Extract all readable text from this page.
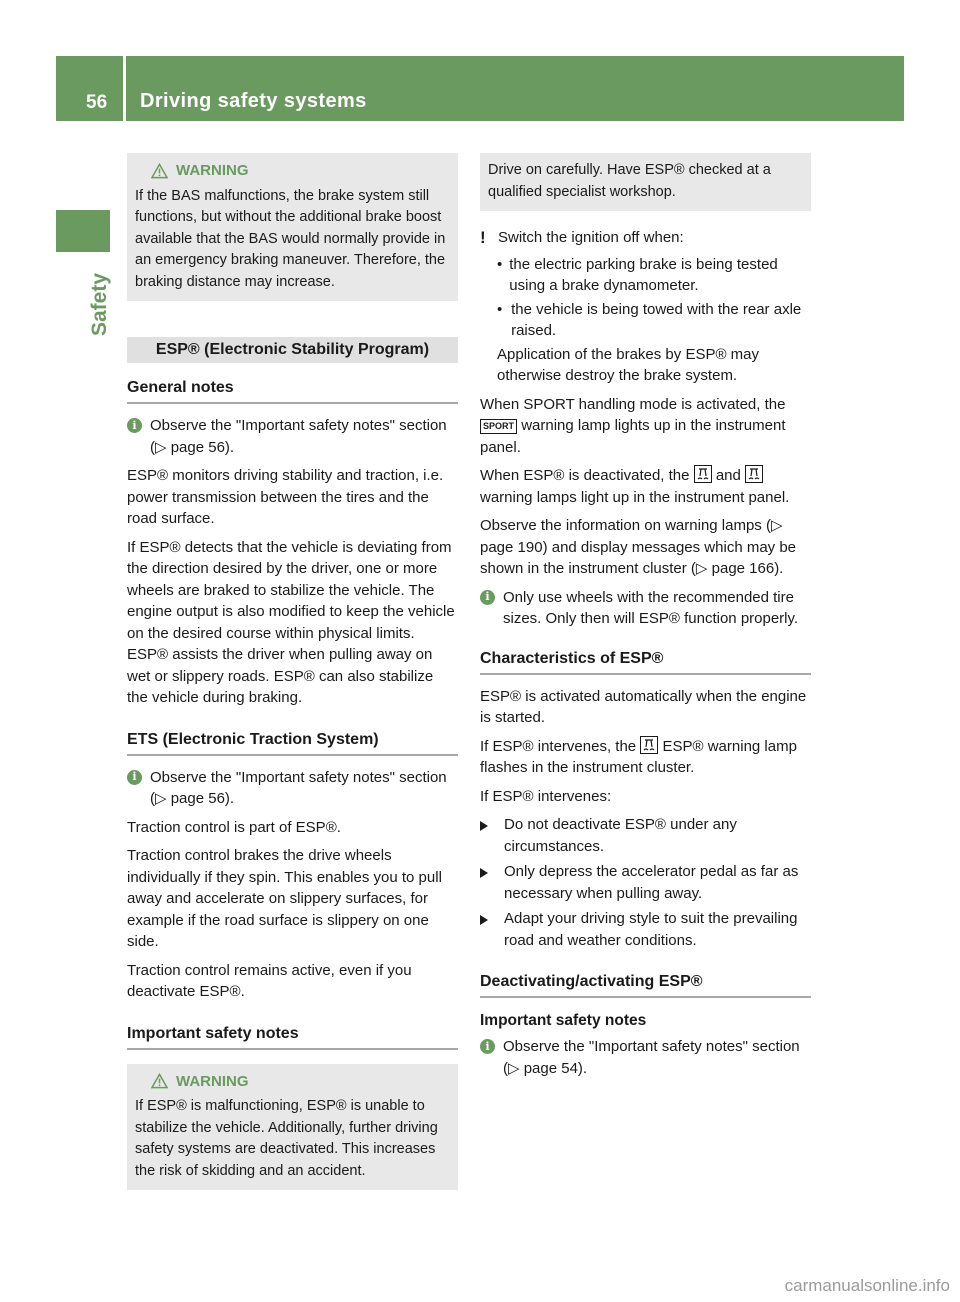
56 Driving safety systems
Safety
WARNING
If the BAS malfunctions, the brake system still functions, but without the additional brake boost available that the BAS would normally provide in an emergency braking maneuver. Therefore, the braking distance may increase.
ESP® (Electronic Stability Program)
General notes
i Observe the "Important safety notes" section (▷ page 56).

ESP® monitors driving stability and traction, i.e. power transmission between the tires and the road surface.

If ESP® detects that the vehicle is deviating from the direction desired by the driver, one or more wheels are braked to stabilize the vehicle. The engine output is also modified to keep the vehicle on the desired course within physical limits. ESP® assists the driver when pulling away on wet or slippery roads. ESP® can also stabilize the vehicle during braking.

ETS (Electronic Traction System)
i Observe the "Important safety notes" section (▷ page 56).

Traction control is part of ESP®.

Traction control brakes the drive wheels individually if they spin. This enables you to pull away and accelerate on slippery surfaces, for example if the road surface is slippery on one side.

Traction control remains active, even if you deactivate ESP®.

Important safety notes
WARNING
If ESP® is malfunctioning, ESP® is unable to stabilize the vehicle. Additionally, further driving safety systems are deactivated. This increases the risk of skidding and an accident.
Drive on carefully. Have ESP® checked at a qualified specialist workshop.
! Switch the ignition off when:
• the electric parking brake is being tested using a brake dynamometer.
• the vehicle is being towed with the rear axle raised.

Application of the brakes by ESP® may otherwise destroy the brake system.

When SPORT handling mode is activated, the SPORT warning lamp lights up in the instrument panel.

When ESP® is deactivated, the and
warning lamps light up in the instrument panel.

Observe the information on warning lamps (▷ page 190) and display messages which may be shown in the instrument cluster (▷ page 166).

i Only use wheels with the recommended tire sizes. Only then will ESP® function properly.
Characteristics of ESP®

ESP® is activated automatically when the engine is started.

If ESP® intervenes, the ESP® warning lamp flashes in the instrument cluster.

If ESP® intervenes:

Do not deactivate ESP® under any circumstances.
Only depress the accelerator pedal as far as necessary when pulling away.
Adapt your driving style to suit the prevailing road and weather conditions.
Deactivating/activating ESP®
Important safety notes
i Observe the "Important safety notes" section (▷ page 54).
carmanualsonline.info
